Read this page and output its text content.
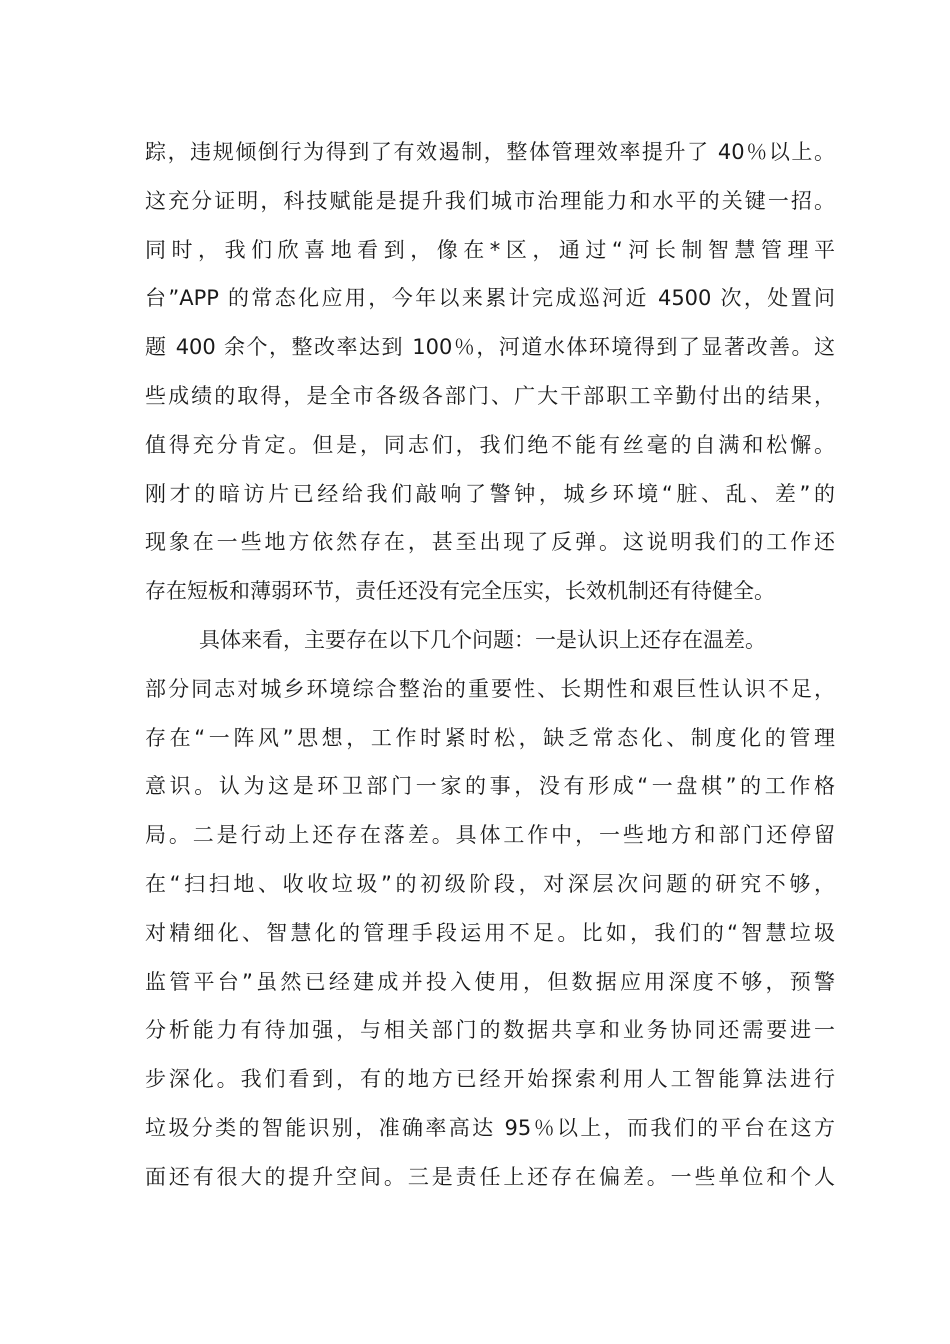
踪，违规倾倒行为得到了有效遏制，整体管理效率提升了 40％以上。
这充分证明，科技赋能是提升我们城市治理能力和水平的关键一招。
同时，我们欣喜地看到，像在*区，通过“河长制智慧管理平
台”APP 的常态化应用，今年以来累计完成巡河近 4500 次，处置问
题 400 余个，整改率达到 100％，河道水体环境得到了显著改善。这
些成绩的取得，是全市各级各部门、广大干部职工辛勤付出的结果，
值得充分肯定。但是，同志们，我们绝不能有丝毫的自满和松懈。
刚才的暗访片已经给我们敲响了警钟，城乡环境“脏、乱、差”的
现象在一些地方依然存在，甚至出现了反弹。这说明我们的工作还
存在短板和薄弱环节，责任还没有完全压实，长效机制还有待健全。
具体来看，主要存在以下几个问题：一是认识上还存在温差。
部分同志对城乡环境综合整治的重要性、长期性和艰巨性认识不足，
存在“一阵风”思想，工作时紧时松，缺乏常态化、制度化的管理
意识。认为这是环卫部门一家的事，没有形成“一盘棋”的工作格
局。二是行动上还存在落差。具体工作中，一些地方和部门还停留
在“扫扫地、收收垃圾”的初级阶段，对深层次问题的研究不够，
对精细化、智慧化的管理手段运用不足。比如，我们的“智慧垃圾
监管平台”虽然已经建成并投入使用，但数据应用深度不够，预警
分析能力有待加强，与相关部门的数据共享和业务协同还需要进一
步深化。我们看到，有的地方已经开始探索利用人工智能算法进行
垃圾分类的智能识别，准确率高达 95％以上，而我们的平台在这方
面还有很大的提升空间。三是责任上还存在偏差。一些单位和个人
